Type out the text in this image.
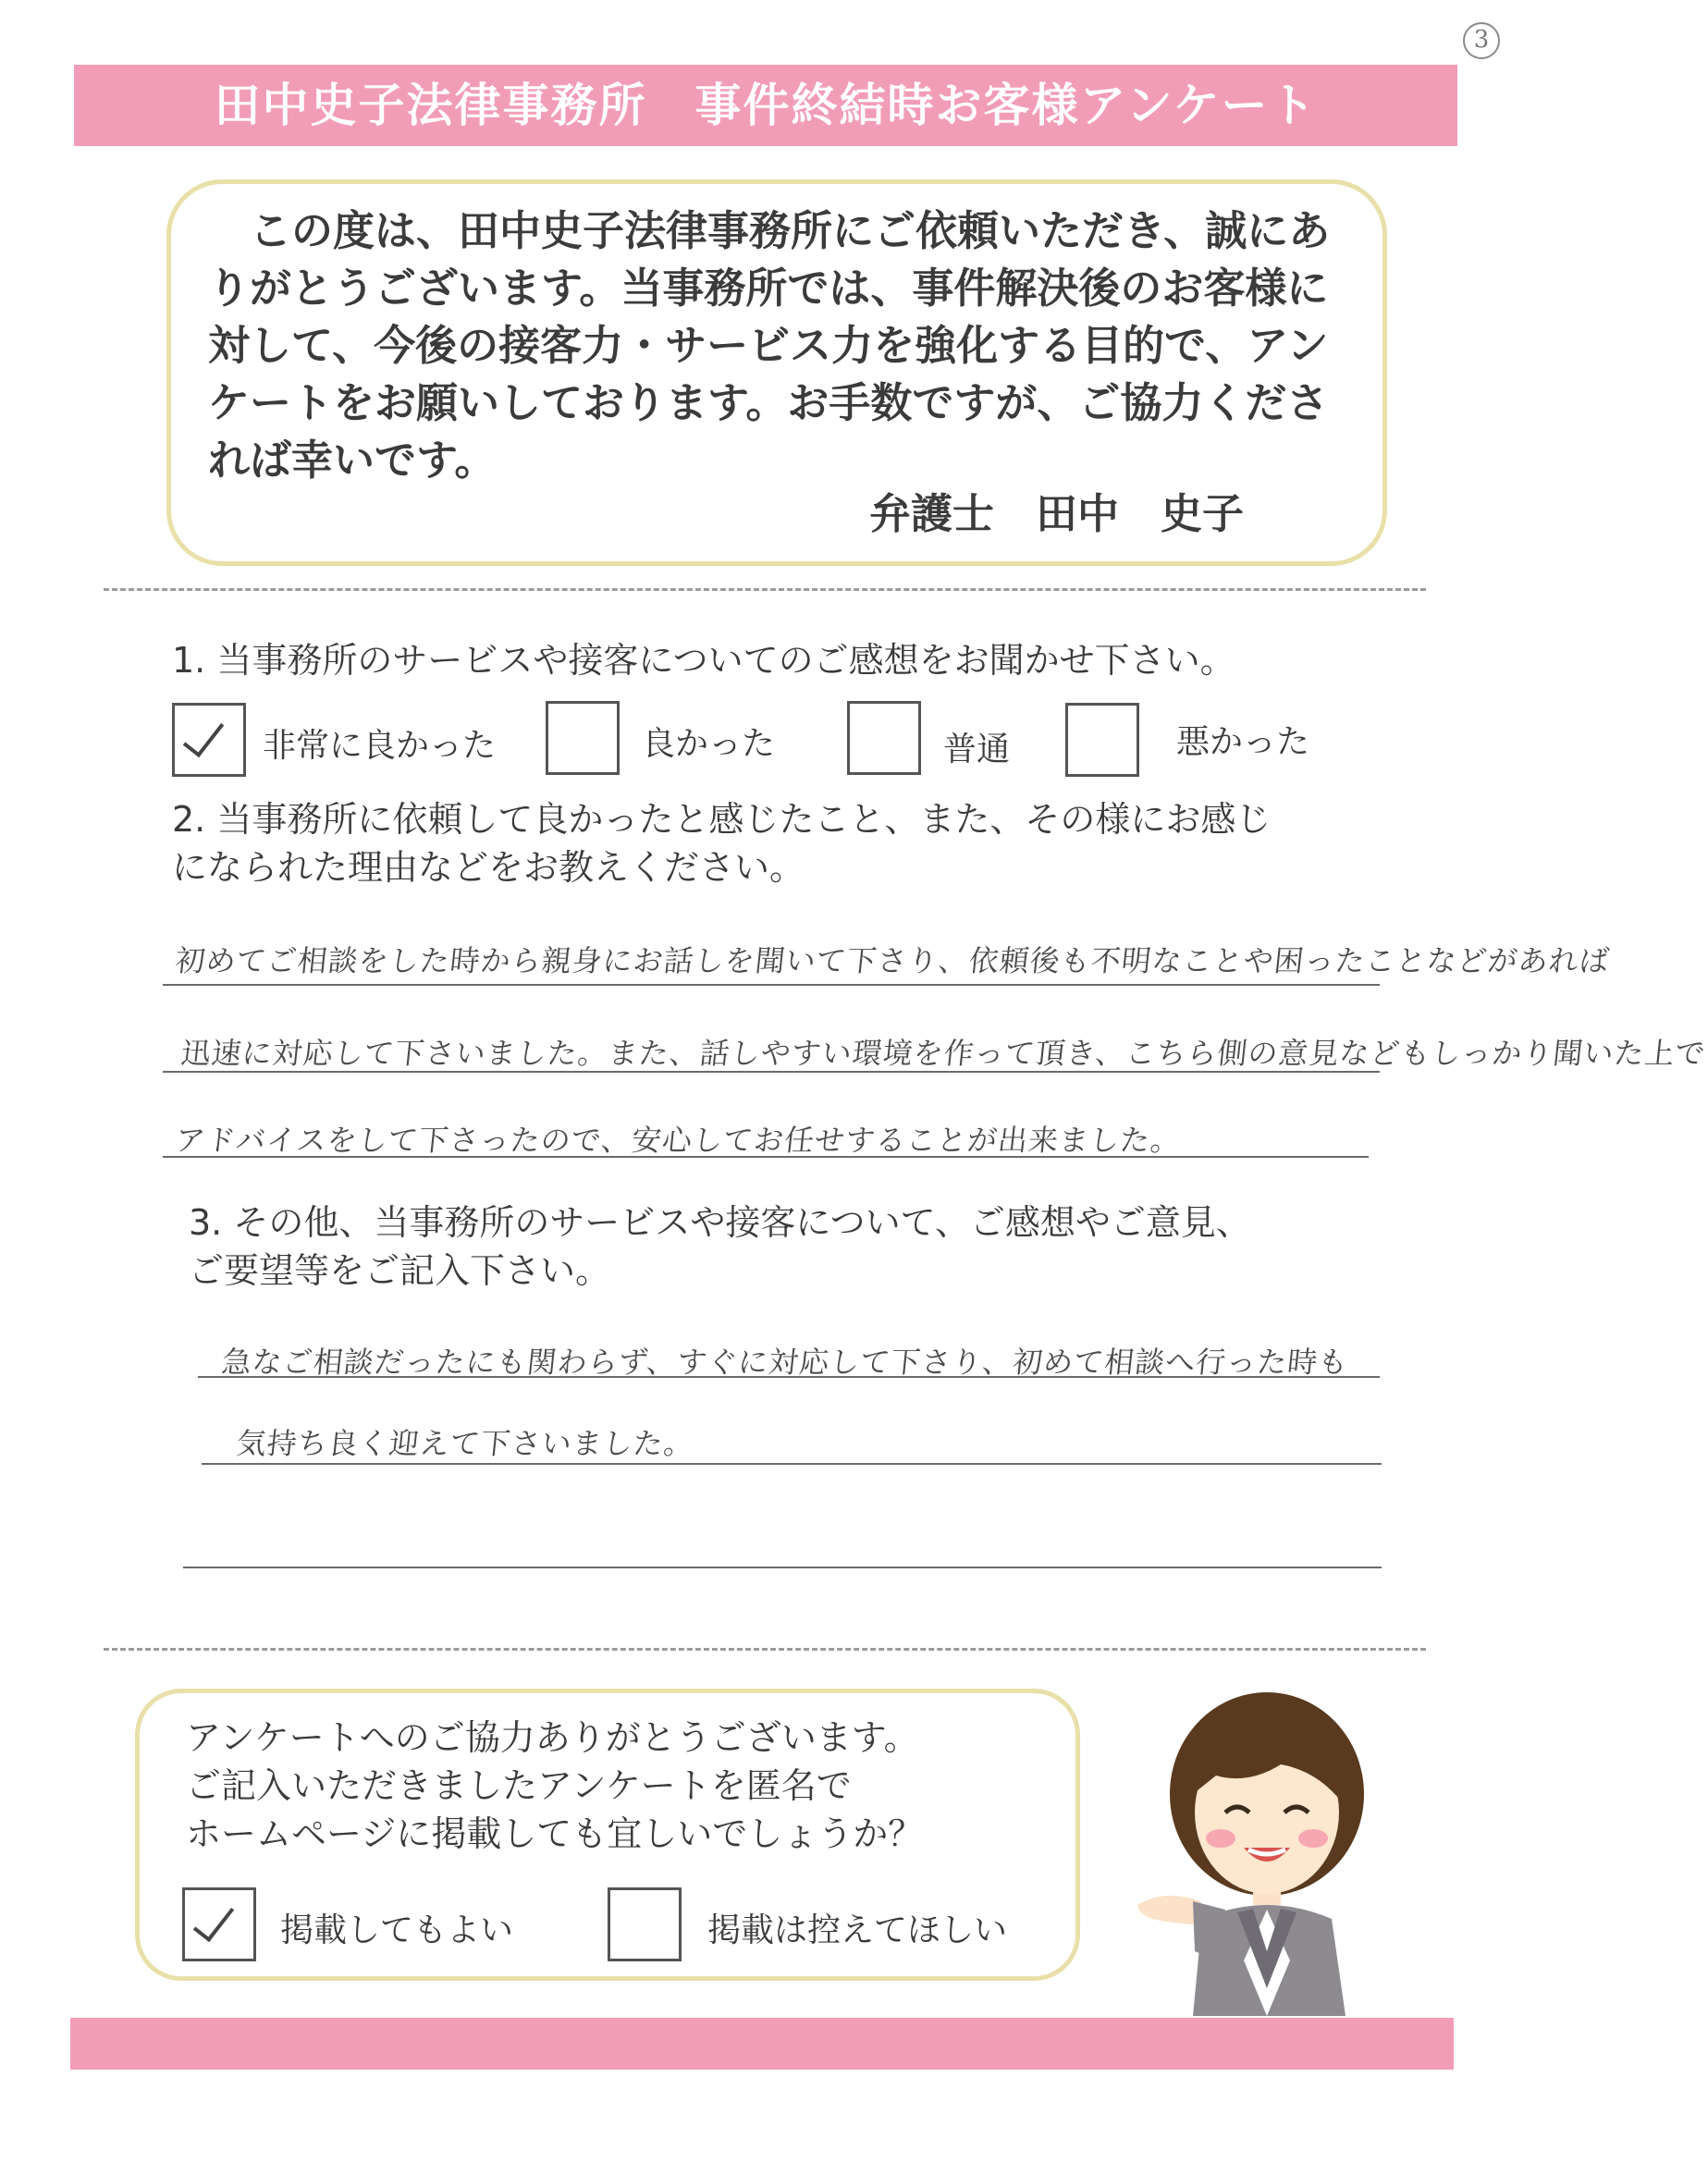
3
田中史子法律事務所　事件終結時お客様アンケート
この度は、田中史子法律事務所にご依頼いただき、誠にありがとうございます。当事務所では、事件解決後のお客様に対して、今後の接客力・サービス力を強化する目的で、アンケートをお願いしております。お手数ですが、ご協力くだされば幸いです。
弁護士　田中　史子
1. 当事務所のサービスや接客についてのご感想をお聞かせ下さい。
非常に良かった	良かった	普通	悪かった
2. 当事務所に依頼して良かったと感じたこと、また、その様にお感じ
になられた理由などをお教えください。
初めてご相談をした時から親身にお話しを聞いて下さり、依頼後も不明なことや困ったことなどがあれば
迅速に対応して下さいました。また、話しやすい環境を作って頂き、こちら側の意見などもしっかり聞いた上で
アドバイスをして下さったので、安心してお任せすることが出来ました。
3. その他、当事務所のサービスや接客について、ご感想やご意見、
ご要望等をご記入下さい。
急なご相談だったにも関わらず、すぐに対応して下さり、初めて相談へ行った時も
気持ち良く迎えて下さいました。
アンケートへのご協力ありがとうございます。
ご記入いただきましたアンケートを匿名で
ホームページに掲載しても宜しいでしょうか？
掲載してもよい	掲載は控えてほしい
